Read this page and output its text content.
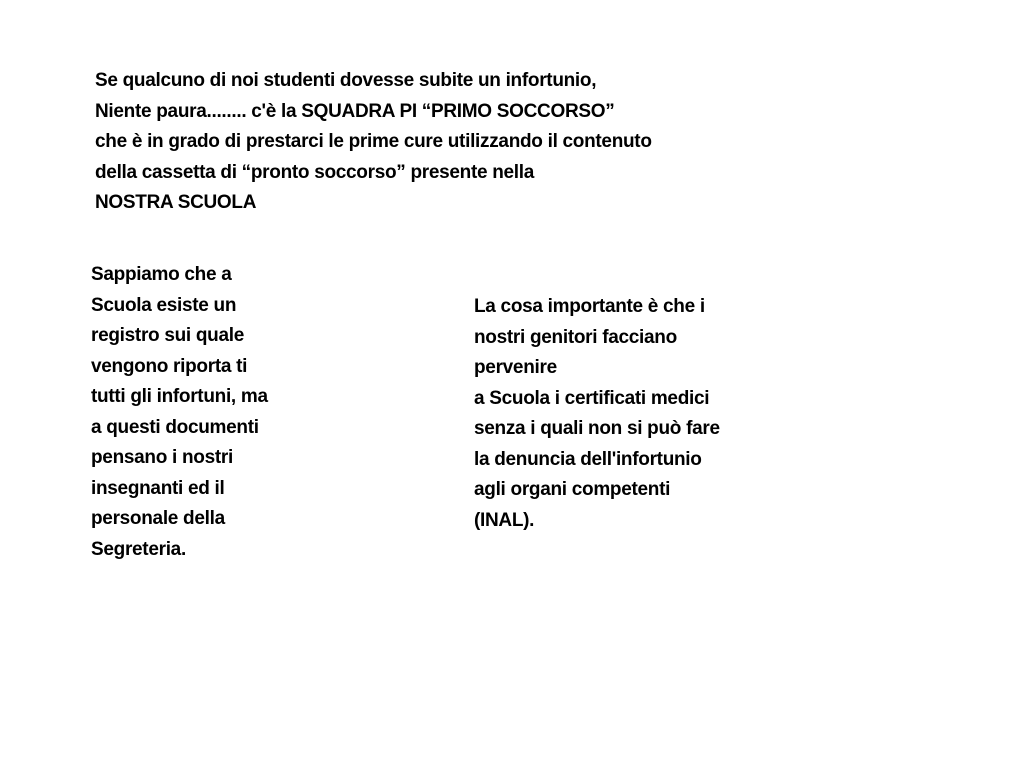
Se qualcuno di noi studenti dovesse subite un infortunio,
Niente paura........ c'è la SQUADRA PI “PRIMO SOCCORSO”
che è in grado di prestarci le prime cure utilizzando il contenuto
della cassetta di “pronto soccorso” presente nella
NOSTRA SCUOLA
Sappiamo che a
Scuola esiste un
registro sui quale
vengono riporta ti
tutti gli infortuni, ma
a questi documenti
pensano i nostri
insegnanti ed il
personale della
Segreteria.
La cosa importante è che i
nostri genitori facciano
pervenire
a Scuola i certificati medici
senza i quali non si può fare
la denuncia dell'infortunio
agli organi competenti
(INAL).
